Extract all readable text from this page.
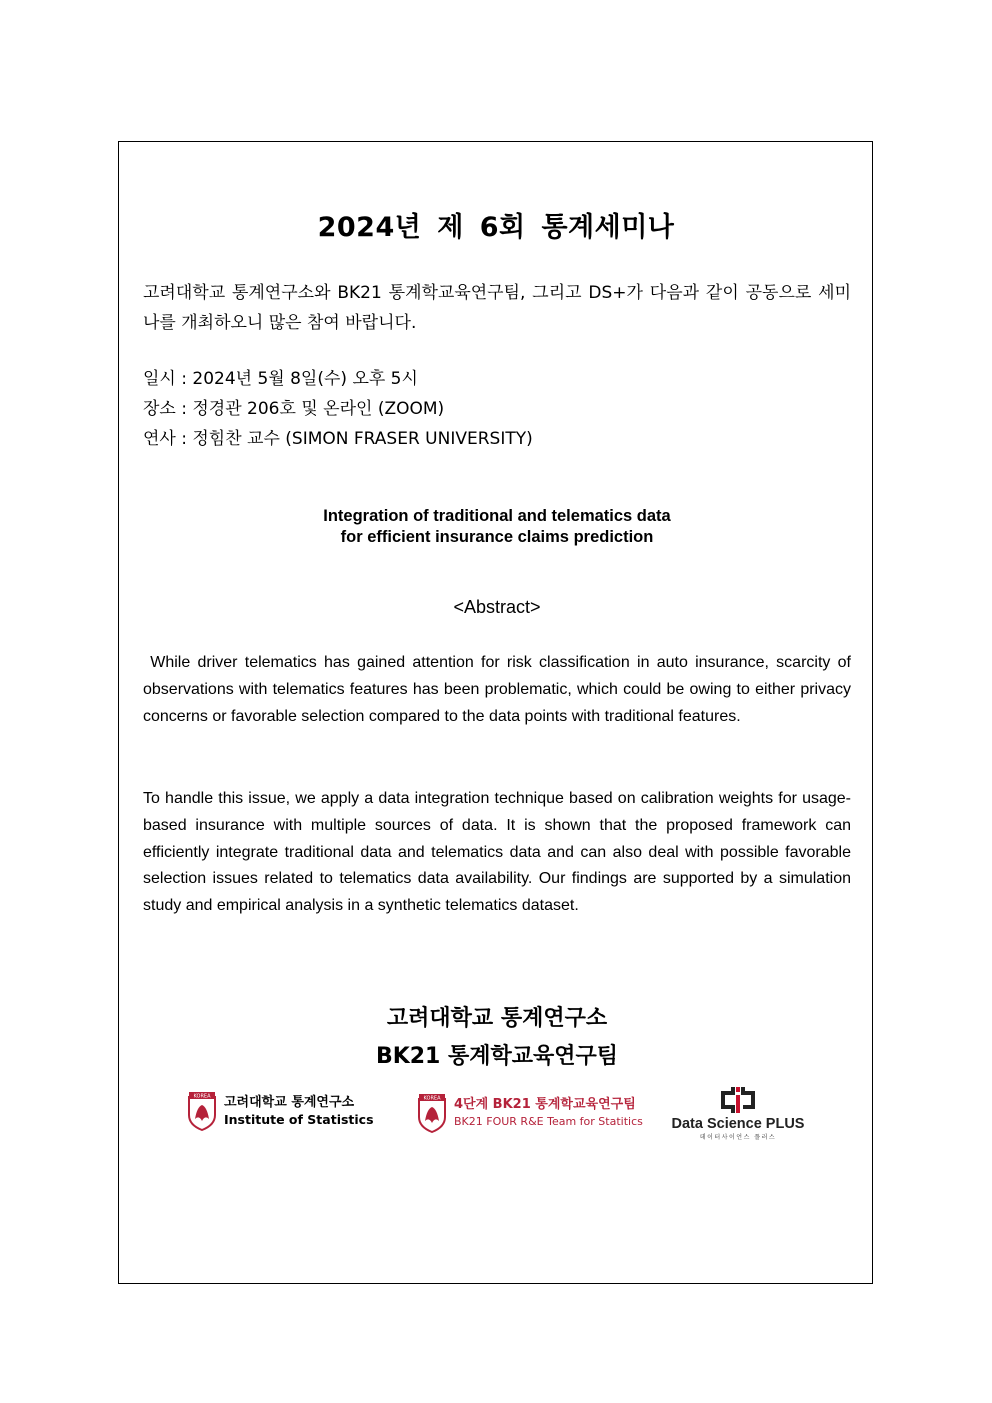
2024년 제 6회 통계세미나
고려대학교 통계연구소와 BK21 통계학교육연구팀, 그리고 DS+가 다음과 같이 공동으로 세미나를 개최하오니 많은 참여 바랍니다.
일시 : 2024년 5월 8일(수) 오후 5시
장소 : 정경관 206호 및 온라인 (ZOOM)
연사 : 정힘찬 교수 (SIMON FRASER UNIVERSITY)
Integration of traditional and telematics data
for efficient insurance claims prediction
<Abstract>
While driver telematics has gained attention for risk classification in auto insurance, scarcity of observations with telematics features has been problematic, which could be owing to either privacy concerns or favorable selection compared to the data points with traditional features.
To handle this issue, we apply a data integration technique based on calibration weights for usage-based insurance with multiple sources of data. It is shown that the proposed framework can efficiently integrate traditional data and telematics data and can also deal with possible favorable selection issues related to telematics data availability. Our findings are supported by a simulation study and empirical analysis in a synthetic telematics dataset.
고려대학교 통계연구소
BK21 통계학교육연구팀
KOREA 고려대학교 통계연구소
Institute of Statistics
KOREA 4단계 BK21 통계학교육연구팀
BK21 FOUR R&E Team for Statitics Data Science PLUS
데이터사이언스 플러스
